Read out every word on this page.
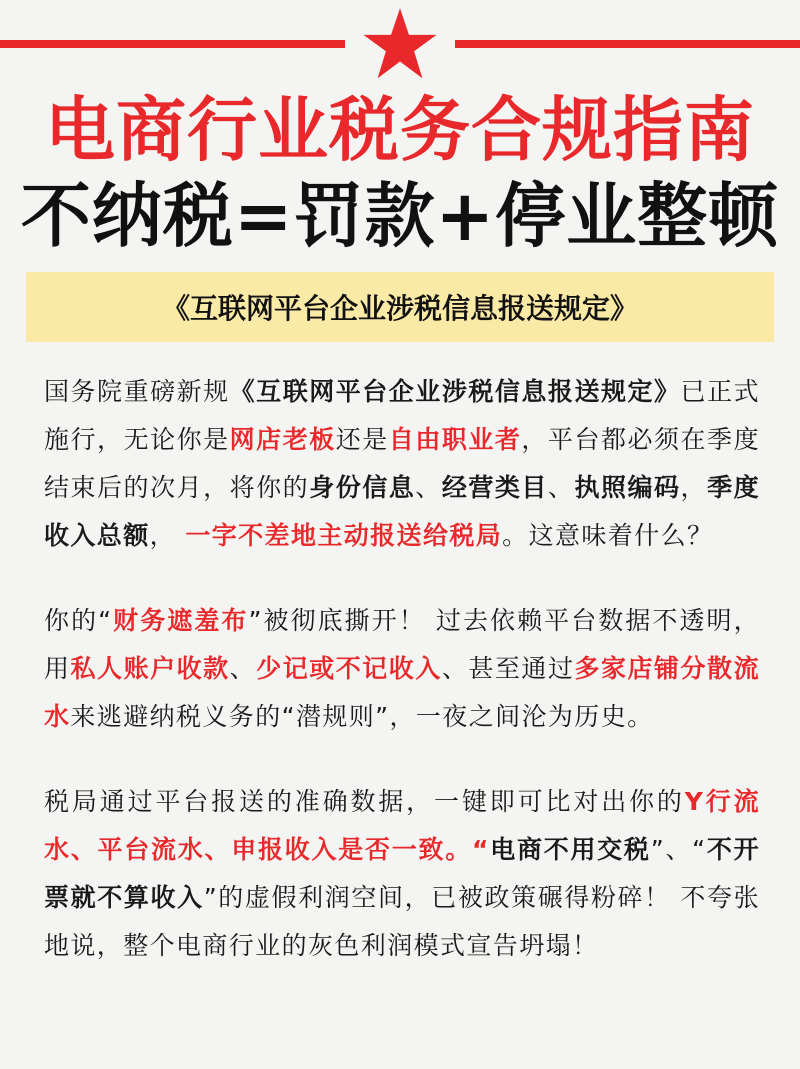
电商行业税务合规指南
不纳税=罚款+停业整顿
《互联网平台企业涉税信息报送规定》

国务院重磅新规《互联网平台企业涉税信息报送规定》已正式施行，无论你是网店老板还是自由职业者，平台都必须在季度结束后的次月，将你的身份信息、经营类目、执照编码，季度收入总额， 一字不差地主动报送给税局。这意味着什么？

你的“财务遮羞布”被彻底撕开！ 过去依赖平台数据不透明，用私人账户收款、少记或不记收入、甚至通过多家店铺分散流水来逃避纳税义务的“潜规则”，一夜之间沦为历史。

税局通过平台报送的准确数据，一键即可比对出你的Y行流水、平台流水、申报收入是否一致。“电商不用交税”、“不开票就不算收入”的虚假利润空间，已被政策碾得粉碎！ 不夸张地说，整个电商行业的灰色利润模式宣告坍塌！
